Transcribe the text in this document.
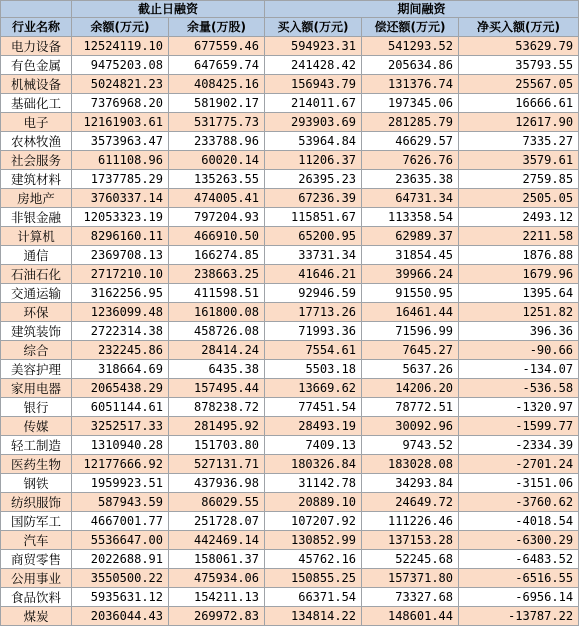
	截止日融资		期间融资		
行业名称	余额(万元)	余量(万股)	买入额(万元)	偿还额(万元)	净买入额(万元)
电力设备	12524119.10	677559.46	594923.31	541293.52	53629.79
有色金属	9475203.08	647659.74	241428.42	205634.86	35793.55
机械设备	5024821.23	408425.16	156943.79	131376.74	25567.05
基础化工	7376968.20	581902.17	214011.67	197345.06	16666.61
电子	12161903.61	531775.73	293903.69	281285.79	12617.90
农林牧渔	3573963.47	233788.96	53964.84	46629.57	7335.27
社会服务	611108.96	60020.14	11206.37	7626.76	3579.61
建筑材料	1737785.29	135263.55	26395.23	23635.38	2759.85
房地产	3760337.14	474005.41	67236.39	64731.34	2505.05
非银金融	12053323.19	797204.93	115851.67	113358.54	2493.12
计算机	8296160.11	466910.50	65200.95	62989.37	2211.58
通信	2369708.13	166274.85	33731.34	31854.45	1876.88
石油石化	2717210.10	238663.25	41646.21	39966.24	1679.96
交通运输	3162256.95	411598.51	92946.59	91550.95	1395.64
环保	1236099.48	161800.08	17713.26	16461.44	1251.82
建筑装饰	2722314.38	458726.08	71993.36	71596.99	396.36
综合	232245.86	28414.24	7554.61	7645.27	-90.66
美容护理	318664.69	6435.38	5503.18	5637.26	-134.07
家用电器	2065438.29	157495.44	13669.62	14206.20	-536.58
银行	6051144.61	878238.72	77451.54	78772.51	-1320.97
传媒	3252517.33	281495.92	28493.19	30092.96	-1599.77
轻工制造	1310940.28	151703.80	7409.13	9743.52	-2334.39
医药生物	12177666.92	527131.71	180326.84	183028.08	-2701.24
钢铁	1959923.51	437936.98	31142.78	34293.84	-3151.06
纺织服饰	587943.59	86029.55	20889.10	24649.72	-3760.62
国防军工	4667001.77	251728.07	107207.92	111226.46	-4018.54
汽车	5536647.00	442469.14	130852.99	137153.28	-6300.29
商贸零售	2022688.91	158061.37	45762.16	52245.68	-6483.52
公用事业	3550500.22	475934.06	150855.25	157371.80	-6516.55
食品饮料	5935631.12	154211.13	66371.54	73327.68	-6956.14
煤炭	2036044.43	269972.83	134814.22	148601.44	-13787.22
